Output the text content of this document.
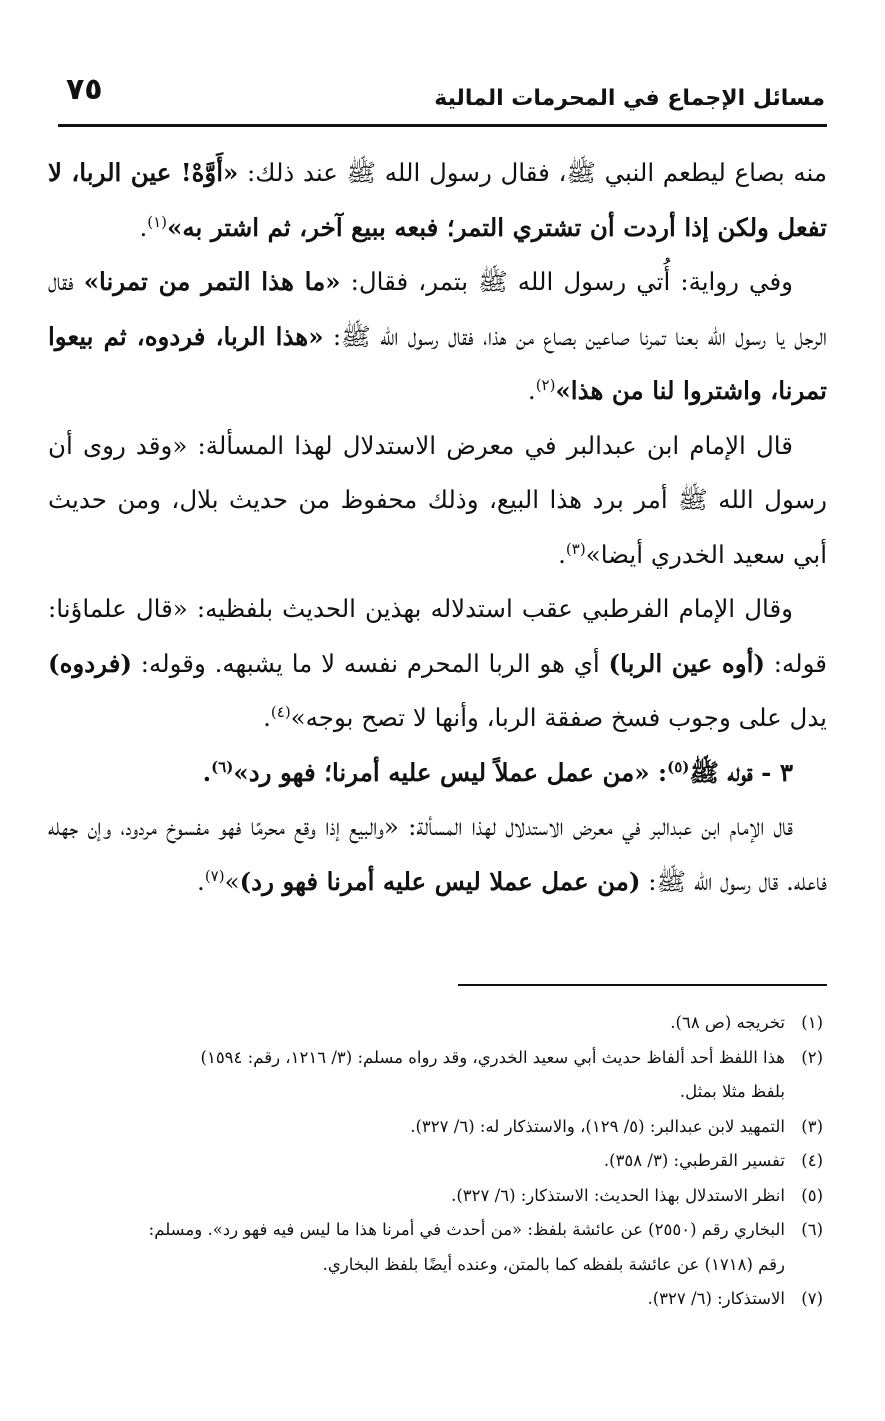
٧٥	مسائل الإجماع في المحرمات المالية

منه بصاع ليطعم النبي ﷺ، فقال رسول الله ﷺ عند ذلك: «أَوَّهْ! عين الربا، لا تفعل ولكن إذا أردت أن تشتري التمر؛ فبعه ببيع آخر، ثم اشتر به»$^{(١)}$.

وفي رواية: أُتي رسول الله ﷺ بتمر، فقال: «ما هذا التمر من تمرنا» فقال الرجل يا رسول الله بعنا تمرنا صاعين بصاع من هذا، فقال رسول الله ﷺ: «هذا الربا، فردوه، ثم بيعوا تمرنا، واشتروا لنا من هذا»$^{(٢)}$.

قال الإمام ابن عبدالبر في معرض الاستدلال لهذا المسألة: «وقد روى أن رسول الله ﷺ أمر برد هذا البيع، وذلك محفوظ من حديث بلال، ومن حديث أبي سعيد الخدري أيضا»$^{(٣)}$.

وقال الإمام الفرطبي عقب استدلاله بهذين الحديث بلفظيه: «قال علماؤنا: قوله: (أوه عين الربا) أي هو الربا المحرم نفسه لا ما يشبهه. وقوله: (فردوه) يدل على وجوب فسخ صفقة الربا، وأنها لا تصح بوجه»$^{(٤)}$.

٣ - قوله ﷺ$^{(٥)}$: «من عمل عملاً ليس عليه أمرنا؛ فهو رد»$^{(٦)}$.

قال الإمام ابن عبدالبر في معرض الاستدلال لهذا المسألة: «والبيع إذا وقع محرمًا فهو مفسوخ مردود، وإن جهله فاعله. قال رسول الله ﷺ: (من عمل عملا ليس عليه أمرنا فهو رد)»$^{(٧)}$.

(١)
تخريجه (ص ٦٨).
(٢)
هذا اللفظ أحد ألفاظ حديث أبي سعيد الخدري، وقد رواه مسلم: (٣/ ١٢١٦، رقم: ١٥٩٤)
بلفظ مثلا بمثل.
(٣)
التمهيد لابن عبدالبر: (٥/ ١٢٩)، والاستذكار له: (٦/ ٣٢٧).
(٤)
تفسير القرطبي: (٣/ ٣٥٨).
(٥)
انظر الاستدلال بهذا الحديث: الاستذكار: (٦/ ٣٢٧).
(٦)
البخاري رقم (٢٥٥٠) عن عائشة بلفظ: «من أحدث في أمرنا هذا ما ليس فيه فهو رد». ومسلم:
رقم (١٧١٨) عن عائشة بلفظه كما بالمتن، وعنده أيضًا بلفظ البخاري.
(٧)
الاستذكار: (٦/ ٣٢٧).
